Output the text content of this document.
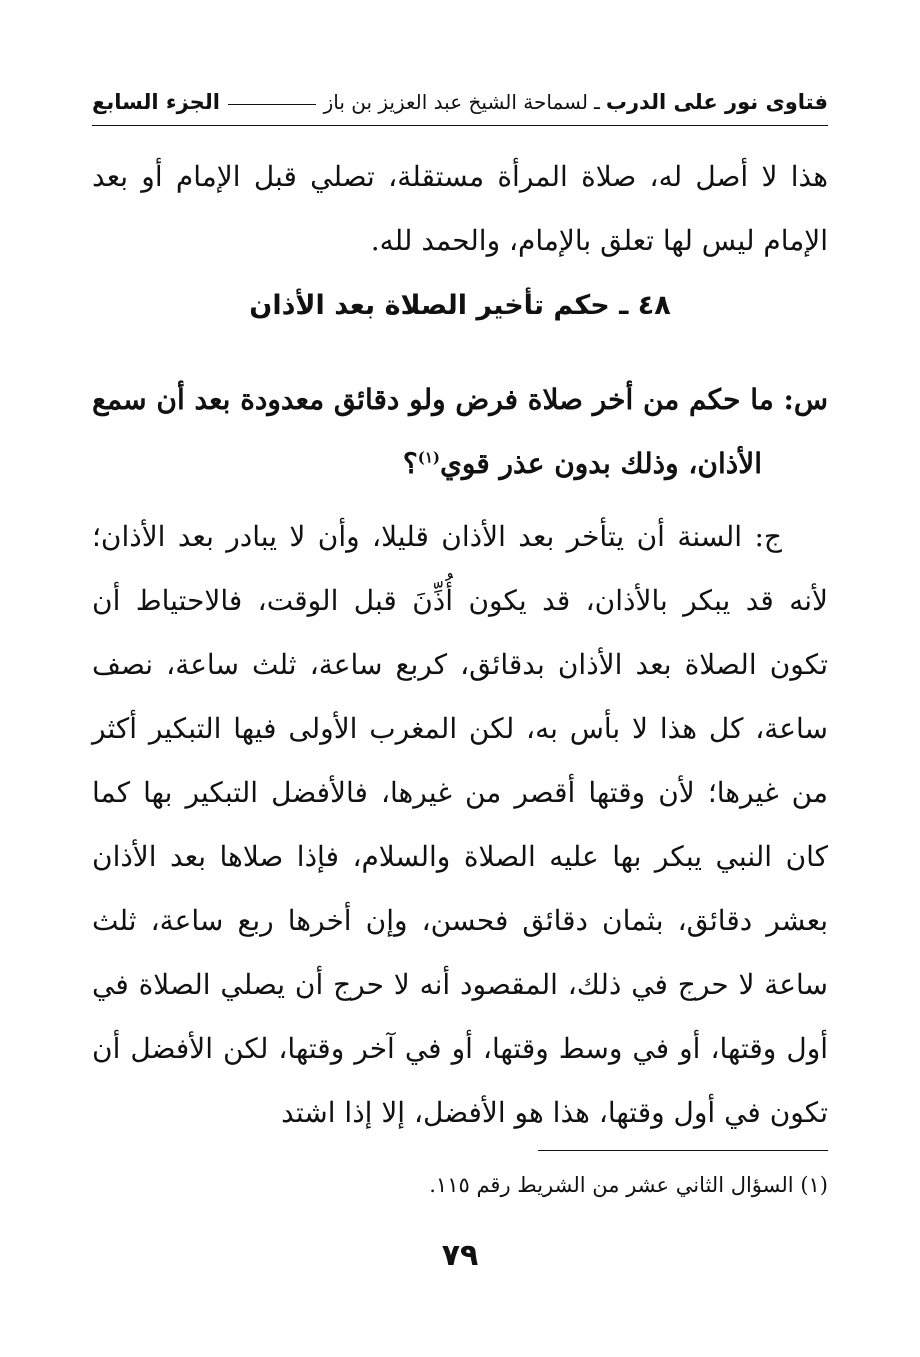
فتاوى نور على الدرب
ـ
لسماحة الشيخ عبد العزيز بن باز
الجزء السابع
هذا لا أصل له، صلاة المرأة مستقلة، تصلي قبل الإمام أو بعد الإمام ليس لها تعلق بالإمام، والحمد لله.
٤٨ ـ حكم تأخير الصلاة بعد الأذان
س: ما حكم من أخر صلاة فرض ولو دقائق معدودة بعد أن سمع
الأذان، وذلك بدون عذر قوي$^{(١)}$؟
ج: السنة أن يتأخر بعد الأذان قليلا، وأن لا يبادر بعد الأذان؛ لأنه قد يبكر بالأذان، قد يكون أُذِّنَ قبل الوقت، فالاحتياط أن تكون الصلاة بعد الأذان بدقائق، كربع ساعة، ثلث ساعة، نصف ساعة، كل هذا لا بأس به، لكن المغرب الأولى فيها التبكير أكثر من غيرها؛ لأن وقتها أقصر من غيرها، فالأفضل التبكير بها كما كان النبي يبكر بها عليه الصلاة والسلام، فإذا صلاها بعد الأذان بعشر دقائق، بثمان دقائق فحسن، وإن أخرها ربع ساعة، ثلث ساعة لا حرج في ذلك، المقصود أنه لا حرج أن يصلي الصلاة في أول وقتها، أو في وسط وقتها، أو في آخر وقتها، لكن الأفضل أن تكون في أول وقتها، هذا هو الأفضل، إلا إذا اشتد
(١) السؤال الثاني عشر من الشريط رقم ١١٥.
٧٩
